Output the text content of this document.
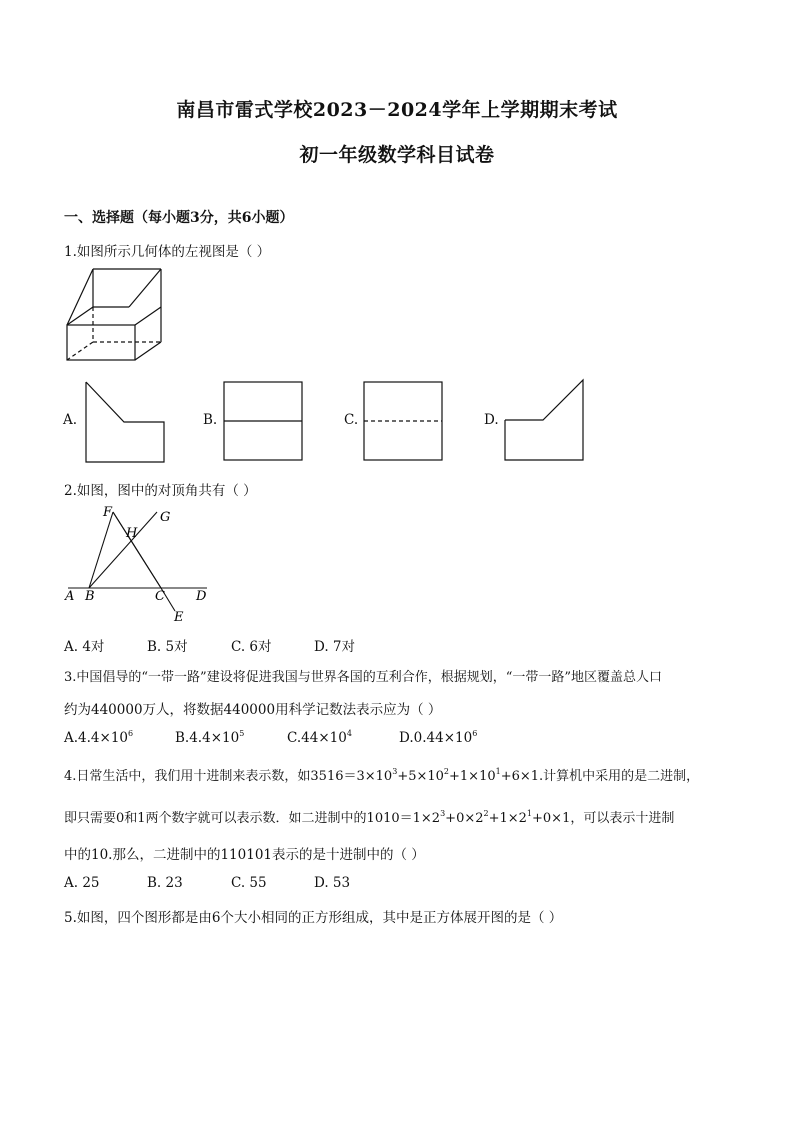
南昌市雷式学校2023－2024学年上学期期末考试
初一年级数学科目试卷
一、选择题（每小题3分，共6小题）
1.如图所示几何体的左视图是（ ）
A.	B.	C.	D.
2.如图，图中的对顶角共有（ ）
F	G
H
A B	C D
E
A. 4对	B. 5对	C. 6对	D. 7对
3.中国倡导的“一带一路”建设将促进我国与世界各国的互利合作，根据规划，“一带一路”地区覆盖总人口
约为440000万人，将数据440000用科学记数法表示应为（ ）
$A.4.4\times 10^6$	$B.4.4\times 10^5$	$C.44\times 10^4$	$D.0.44\times 10^6$
4.日常生活中，我们用十进制来表示数，如$3516=3\times 10^3+5\times 10^2+1\times 10^1+6\times 1$.计算机中采用的是二进制，
即只需要0和1两个数字就可以表示数．如二进制中的$1010=1\times 2^3+0\times 2^2+1\times 2^1+0\times 1$，可以表示十进制
中的10.那么，二进制中的110101表示的是十进制中的（ ）
A. 25	B. 23	C. 55	D. 53
5.如图，四个图形都是由6个大小相同的正方形组成，其中是正方体展开图的是（ ）
